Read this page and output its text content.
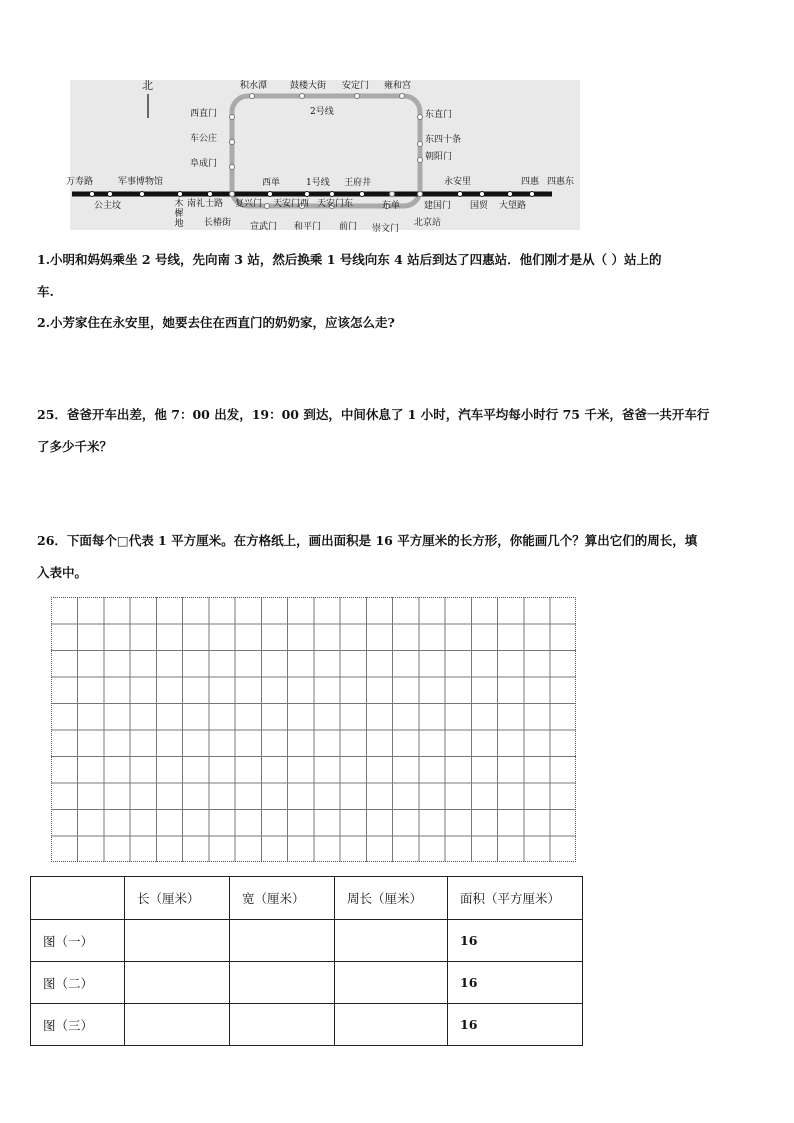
北
2号线
1号线
积水潭	鼓楼大街 安定门 雍和宫
西直门
车公庄
阜成门
东直门
东四十条
朝阳门
万寿路	军事博物馆
公主坟	木樨地
南礼士路
长椿街
复兴门
西单	王府井
天安门西 天安门东
宣武门 和平门 前门 崇文门
东单	建国门
北京站
永安里
国贸 大望路
四惠 四惠东
1.小明和妈妈乘坐 2 号线，先向南 3 站，然后换乘 1 号线向东 4 站后到达了四惠站．他们刚才是从（ ）站上的
车.
2.小芳家住在永安里，她要去住在西直门的奶奶家，应该怎么走?
25．爸爸开车出差，他 7：00 出发，19：00 到达，中间休息了 1 小时，汽车平均每小时行 75 千米，爸爸一共开车行
了多少千米？
26．下面每个□代表 1 平方厘米。在方格纸上，画出面积是 16 平方厘米的长方形，你能画几个？算出它们的周长，填
入表中。
	长（厘米）	宽（厘米）	周长（厘米）	面积（平方厘米）
图（一）				16
图（二）				16
图（三）				16
